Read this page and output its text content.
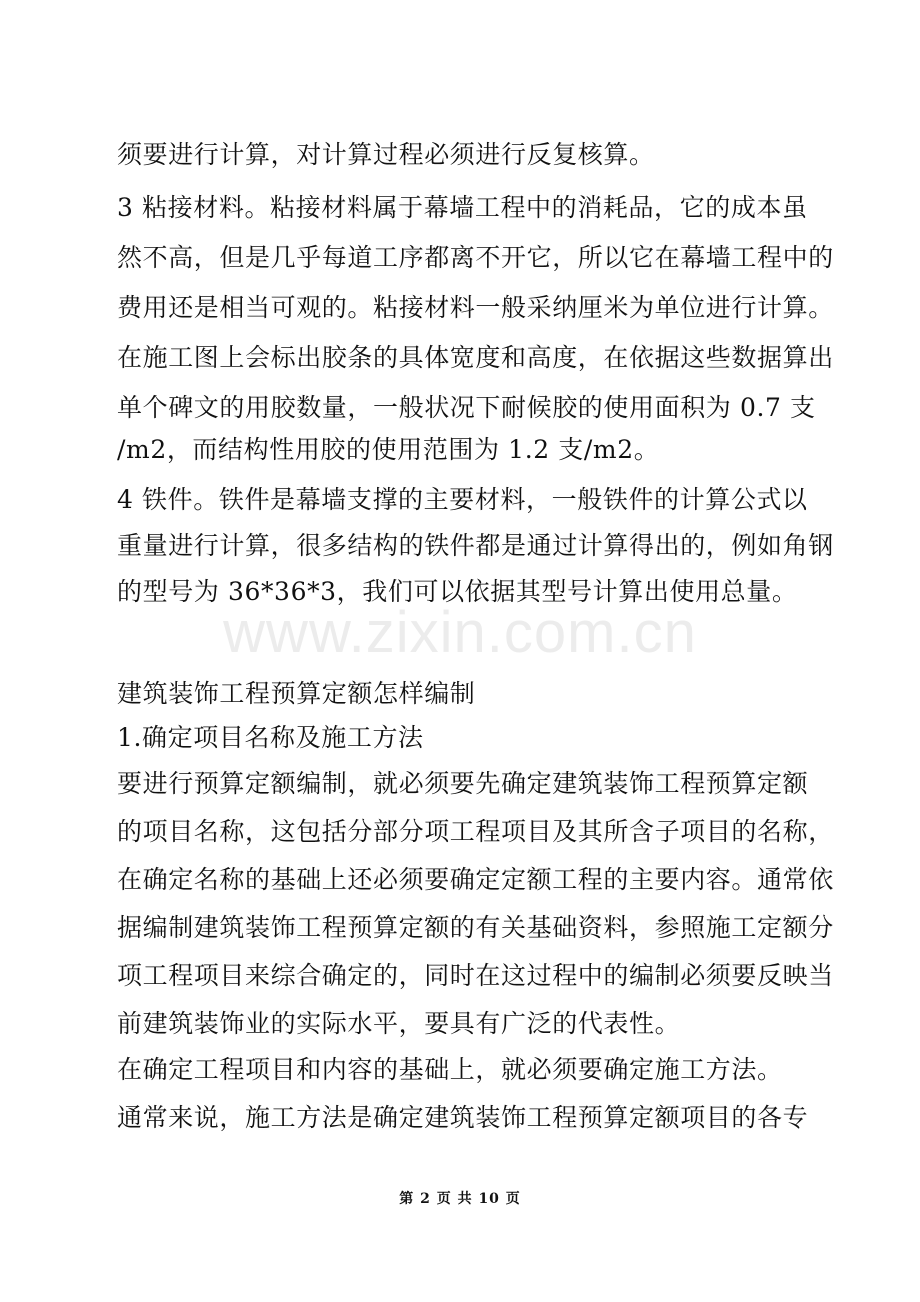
www.zixin.com.cn
须要进行计算，对计算过程必须进行反复核算。
3 粘接材料。粘接材料属于幕墙工程中的消耗品，它的成本虽
然不高，但是几乎每道工序都离不开它，所以它在幕墙工程中的
费用还是相当可观的。粘接材料一般采纳厘米为单位进行计算。
在施工图上会标出胶条的具体宽度和高度，在依据这些数据算出
单个碑文的用胶数量，一般状况下耐候胶的使用面积为 0.7 支
/m2，而结构性用胶的使用范围为 1.2 支/m2。
4 铁件。铁件是幕墙支撑的主要材料，一般铁件的计算公式以
重量进行计算，很多结构的铁件都是通过计算得出的，例如角钢
的型号为 36*36*3，我们可以依据其型号计算出使用总量。
建筑装饰工程预算定额怎样编制
1.确定项目名称及施工方法
要进行预算定额编制，就必须要先确定建筑装饰工程预算定额
的项目名称，这包括分部分项工程项目及其所含子项目的名称，
在确定名称的基础上还必须要确定定额工程的主要内容。通常依
据编制建筑装饰工程预算定额的有关基础资料，参照施工定额分
项工程项目来综合确定的，同时在这过程中的编制必须要反映当
前建筑装饰业的实际水平，要具有广泛的代表性。
在确定工程项目和内容的基础上，就必须要确定施工方法。
通常来说，施工方法是确定建筑装饰工程预算定额项目的各专
第 2 页 共 10 页
